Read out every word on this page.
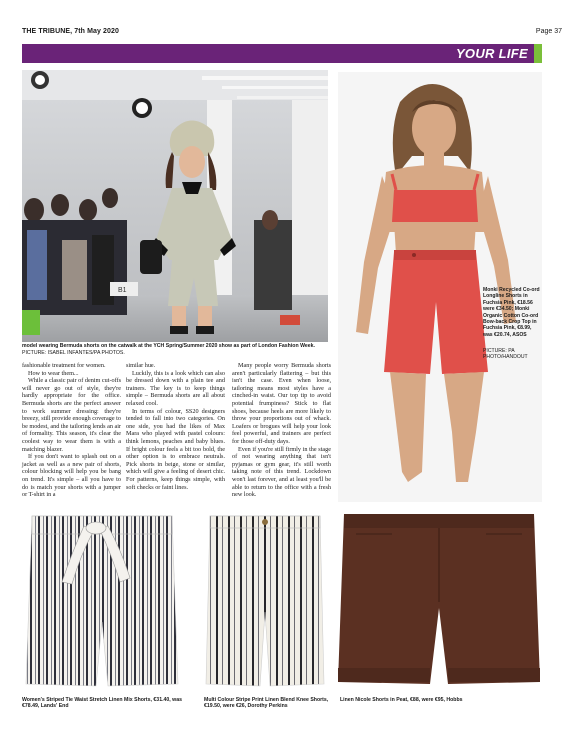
THE TRIBUNE, 7th May 2020	Page 37
YOUR LIFE
B1
model wearing Bermuda shorts on the catwalk at the YCH Spring/Summer 2020 show as part of London Fashion Week.
PICTURE: ISABEL INFANTES/PA PHOTOS.
Monki Recycled Co-ord Longline Shorts in Fuchsia Pink, €18.56 were €34.50; Monki Organic Cotton Co-ord Bow-back Crop Top in Fuchsia Pink, €8.99, was €20.74, ASOS
PICTURE: PA PHOTO/HANDOUT

fashionable treatment for women.

How to wear them...

While a classic pair of denim cut-offs will never go out of style, they're hardly appropriate for the office. Bermuda shorts are the perfect answer to work summer dressing: they're breezy, still provide enough coverage to be modest, and the tailoring lends an air of formality. This season, it's clear the coolest way to wear them is with a matching blazer.

If you don't want to splash out on a jacket as well as a new pair of shorts, colour blocking will help you be bang on trend. It's simple – all you have to do is match your shorts with a jumper or T-shirt in a

similar hue.

Luckily, this is a look which can also be dressed down with a plain tee and trainers. The key is to keep things simple – Bermuda shorts are all about relaxed cool.

In terms of colour, SS20 designers tended to fall into two categories. On one side, you had the likes of Max Mara who played with pastel colours: think lemons, peaches and baby blues. If bright colour feels a bit too bold, the other option is to embrace neutrals. Pick shorts in beige, stone or similar, which will give a feeling of desert chic. For patterns, keep things simple, with soft checks or faint lines.

Many people worry Bermuda shorts aren't particularly flattering – but this isn't the case. Even when loose, tailoring means most styles have a cinched-in waist. Our top tip to avoid potential frumpiness? Stick to flat shoes, because heels are more likely to throw your proportions out of whack. Loafers or brogues will help your look feel powerful, and trainers are perfect for those off-duty days.

Even if you're still firmly in the stage of not wearing anything that isn't pyjamas or gym gear, it's still worth taking note of this trend. Lockdown won't last forever, and at least you'll be able to return to the office with a fresh new look.

Women's Striped Tie Waist Stretch Linen Mix Shorts, €31.40, was €78.49, Lands' End
Multi Colour Stripe Print Linen Blend Knee Shorts, €19.50, were €26, Dorothy Perkins
Linen Nicole Shorts in Peat, €88, were €95, Hobbs
